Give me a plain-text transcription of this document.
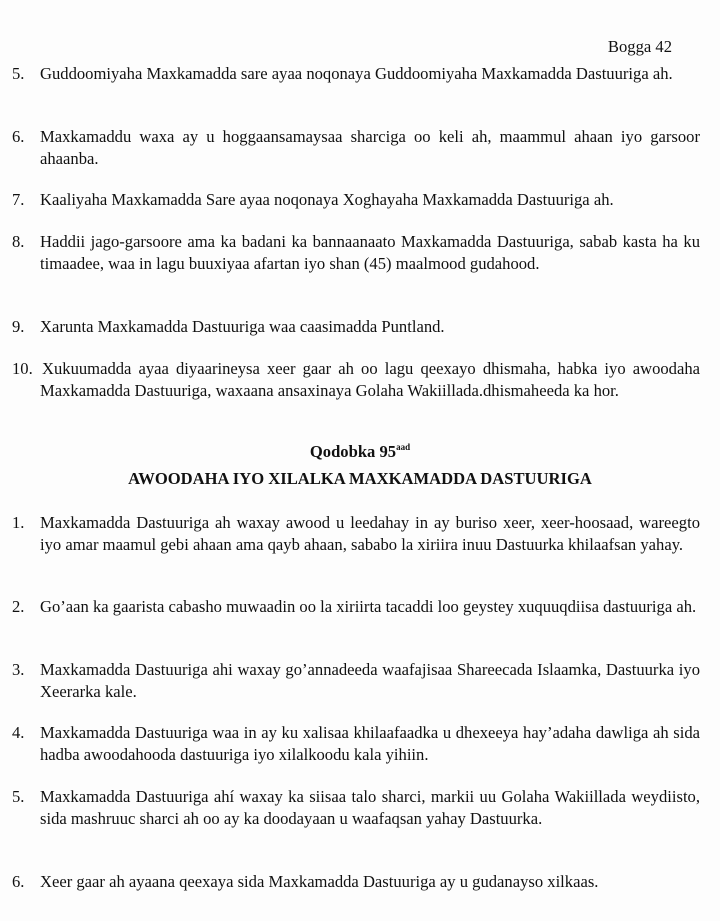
Bogga 42

5. Guddoomiyaha Maxkamadda sare ayaa noqonaya Guddoomiyaha Maxkamadda Dastuuriga ah.

6. Maxkamaddu waxa ay u hoggaansamaysaa sharciga oo keli ah, maammul ahaan iyo garsoor ahaanba.

7. Kaaliyaha Maxkamadda Sare ayaa noqonaya Xoghayaha Maxkamadda Dastuuriga ah.

8. Haddii jago-garsoore ama ka badani ka bannaanaato Maxkamadda Dastuuriga, sabab kasta ha ku timaadee, waa in lagu buuxiyaa afartan iyo shan (45) maalmood gudahood.

9. Xarunta Maxkamadda Dastuuriga waa caasimadda Puntland.

10. Xukuumadda ayaa diyaarineysa xeer gaar ah oo lagu qeexayo dhismaha, habka iyo awoodaha Maxkamadda Dastuuriga, waxaana ansaxinaya Golaha Wakiillada.dhismaheeda ka hor.

Qodobka $95^{aad}$
AWOODAHA IYO XILALKA MAXKAMADDA DASTUURIGA

1. Maxkamadda Dastuuriga ah waxay awood u leedahay in ay buriso xeer, xeer-hoosaad, wareegto iyo amar maamul gebi ahaan ama qayb ahaan, sababo la xiriira inuu Dastuurka khilaafsan yahay.

2. Go’aan ka gaarista cabasho muwaadin oo la xiriirta tacaddi loo geystey xuquuqdiisa dastuuriga ah.

3. Maxkamadda Dastuuriga ahi waxay go’annadeeda waafajisaa Shareecada Islaamka, Dastuurka iyo Xeerarka kale.

4. Maxkamadda Dastuuriga waa in ay ku xalisaa khilaafaadka u dhexeeya hay’adaha dawliga ah sida hadba awoodahooda dastuuriga iyo xilalkoodu kala yihiin.

5. Maxkamadda Dastuuriga ahí waxay ka siisaa talo sharci, markii uu Golaha Wakiillada weydiisto, sida mashruuc sharci ah oo ay ka doodayaan u waafaqsan yahay Dastuurka.

6. Xeer gaar ah ayaana qeexaya sida Maxkamadda Dastuuriga ay u gudanayso xilkaas.
